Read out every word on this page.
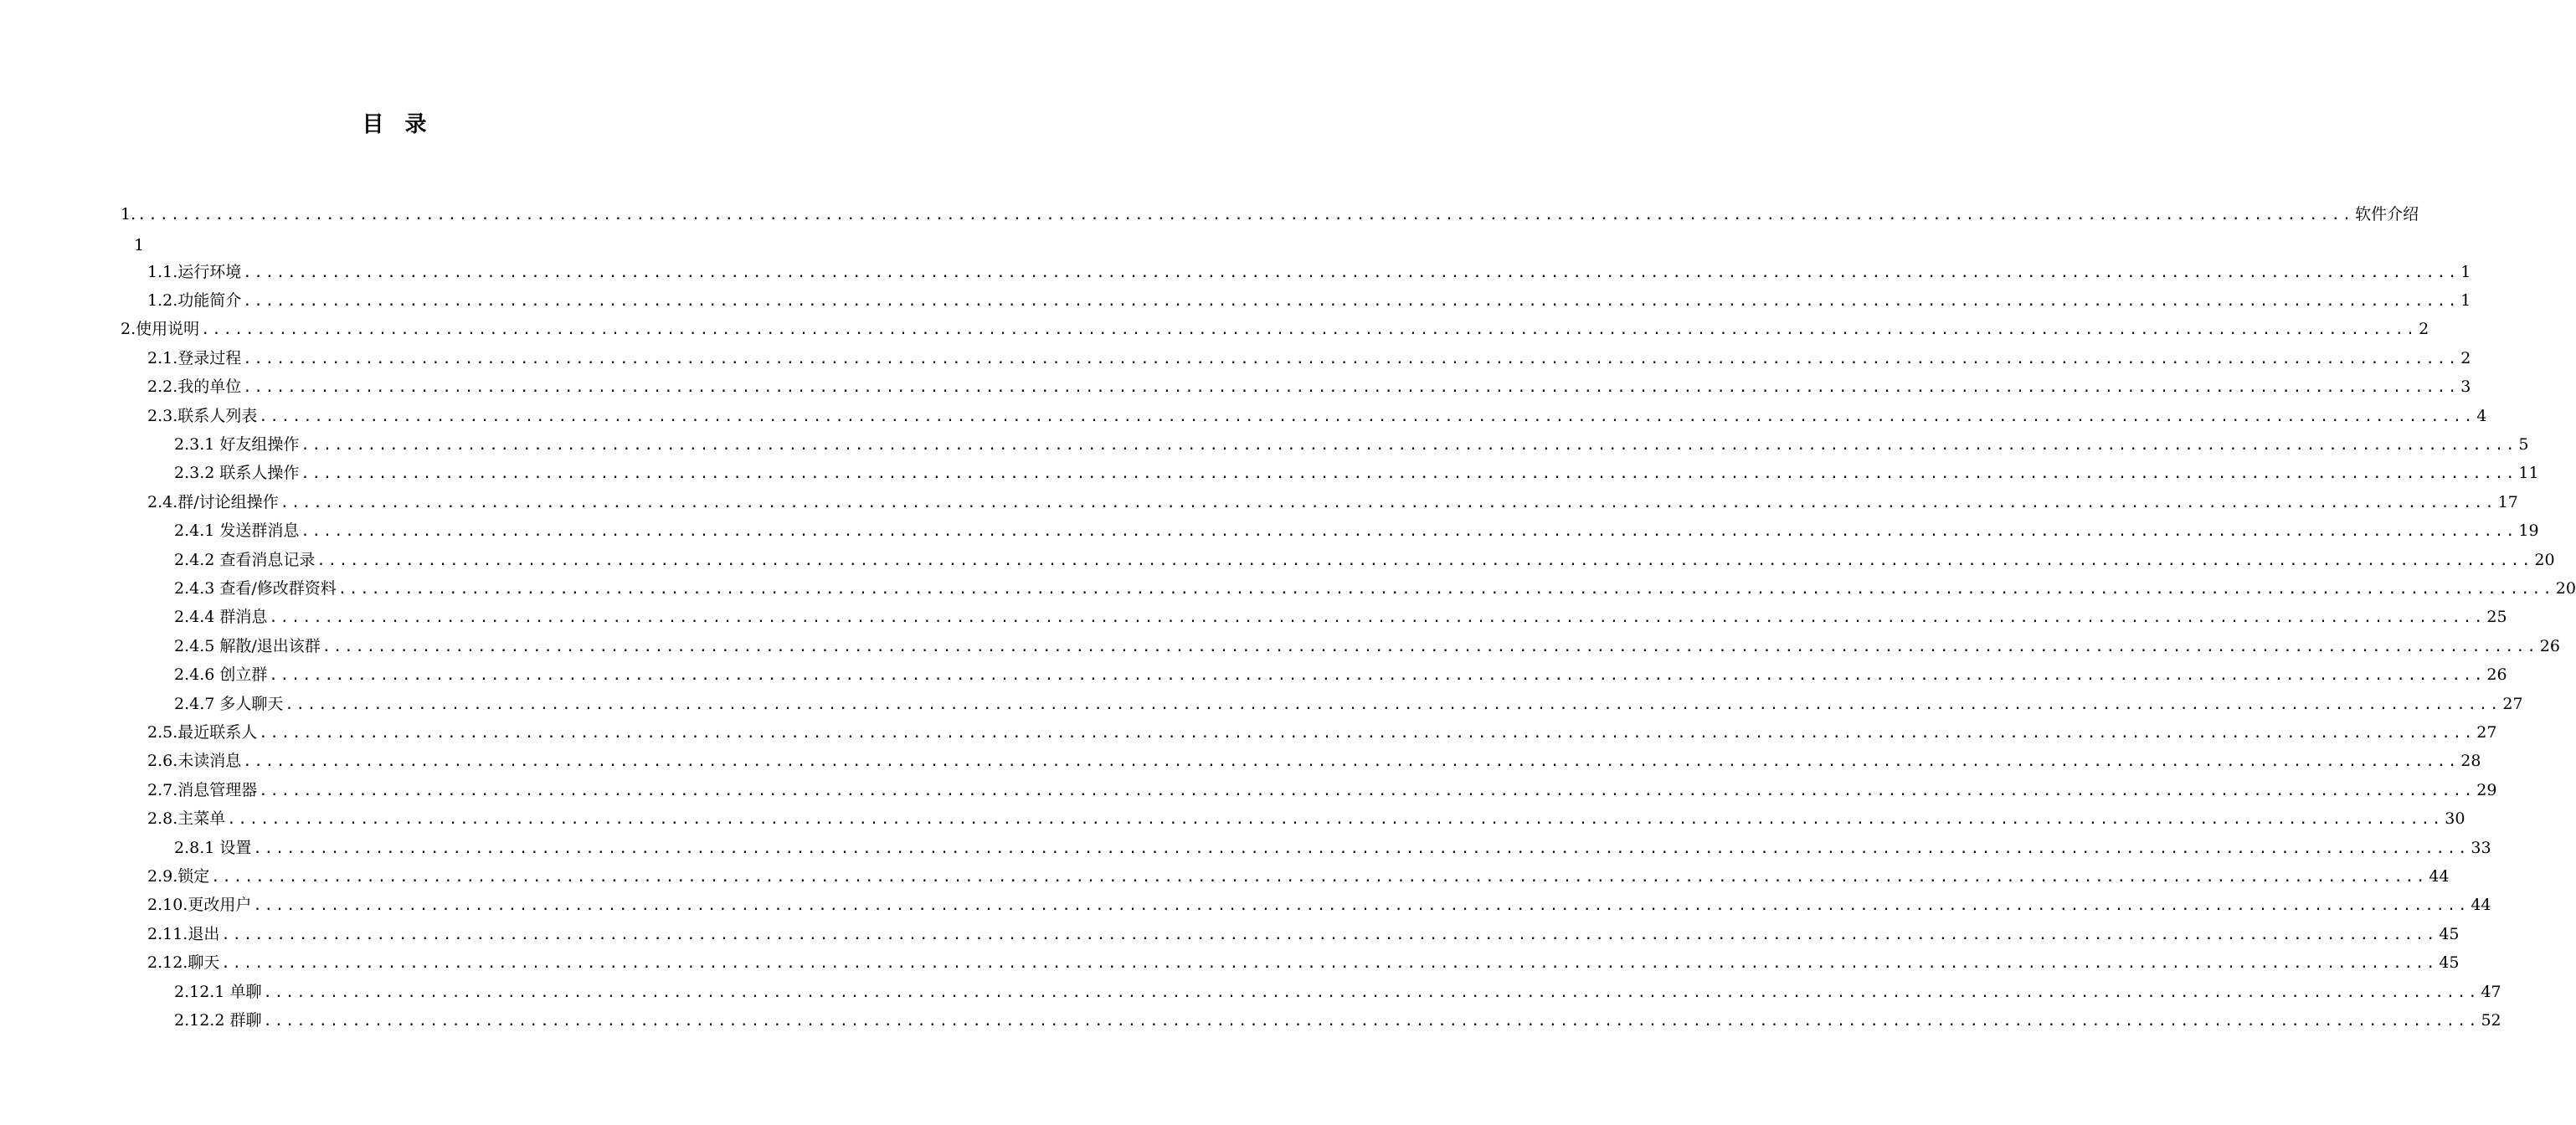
目 录
1
1. ........................................................................................................................................................................................................ 软件介绍
1.1.运行环境 ........................................................................................................................................................................................................ 1
1.2.功能简介 ........................................................................................................................................................................................................ 1
2.使用说明 ........................................................................................................................................................................................................ 2
2.1.登录过程 ........................................................................................................................................................................................................ 2
2.2.我的单位 ........................................................................................................................................................................................................ 3
2.3.联系人列表 ........................................................................................................................................................................................................ 4
2.3.1 好友组操作 ........................................................................................................................................................................................................ 5
2.3.2 联系人操作 ........................................................................................................................................................................................................ 11
2.4.群/讨论组操作 ........................................................................................................................................................................................................ 17
2.4.1 发送群消息 ........................................................................................................................................................................................................ 19
2.4.2 查看消息记录 ........................................................................................................................................................................................................ 20
2.4.3 查看/修改群资料 ........................................................................................................................................................................................................ 20
2.4.4 群消息 ........................................................................................................................................................................................................ 25
2.4.5 解散/退出该群 ........................................................................................................................................................................................................ 26
2.4.6 创立群 ........................................................................................................................................................................................................ 26
2.4.7 多人聊天 ........................................................................................................................................................................................................ 27
2.5.最近联系人 ........................................................................................................................................................................................................ 27
2.6.未读消息 ........................................................................................................................................................................................................ 28
2.7.消息管理器 ........................................................................................................................................................................................................ 29
2.8.主菜单 ........................................................................................................................................................................................................ 30
2.8.1 设置 ........................................................................................................................................................................................................ 33
2.9.锁定 ........................................................................................................................................................................................................ 44
2.10.更改用户 ........................................................................................................................................................................................................ 44
2.11.退出 ........................................................................................................................................................................................................ 45
2.12.聊天 ........................................................................................................................................................................................................ 45
2.12.1 单聊 ........................................................................................................................................................................................................ 47
2.12.2 群聊 ........................................................................................................................................................................................................ 52
